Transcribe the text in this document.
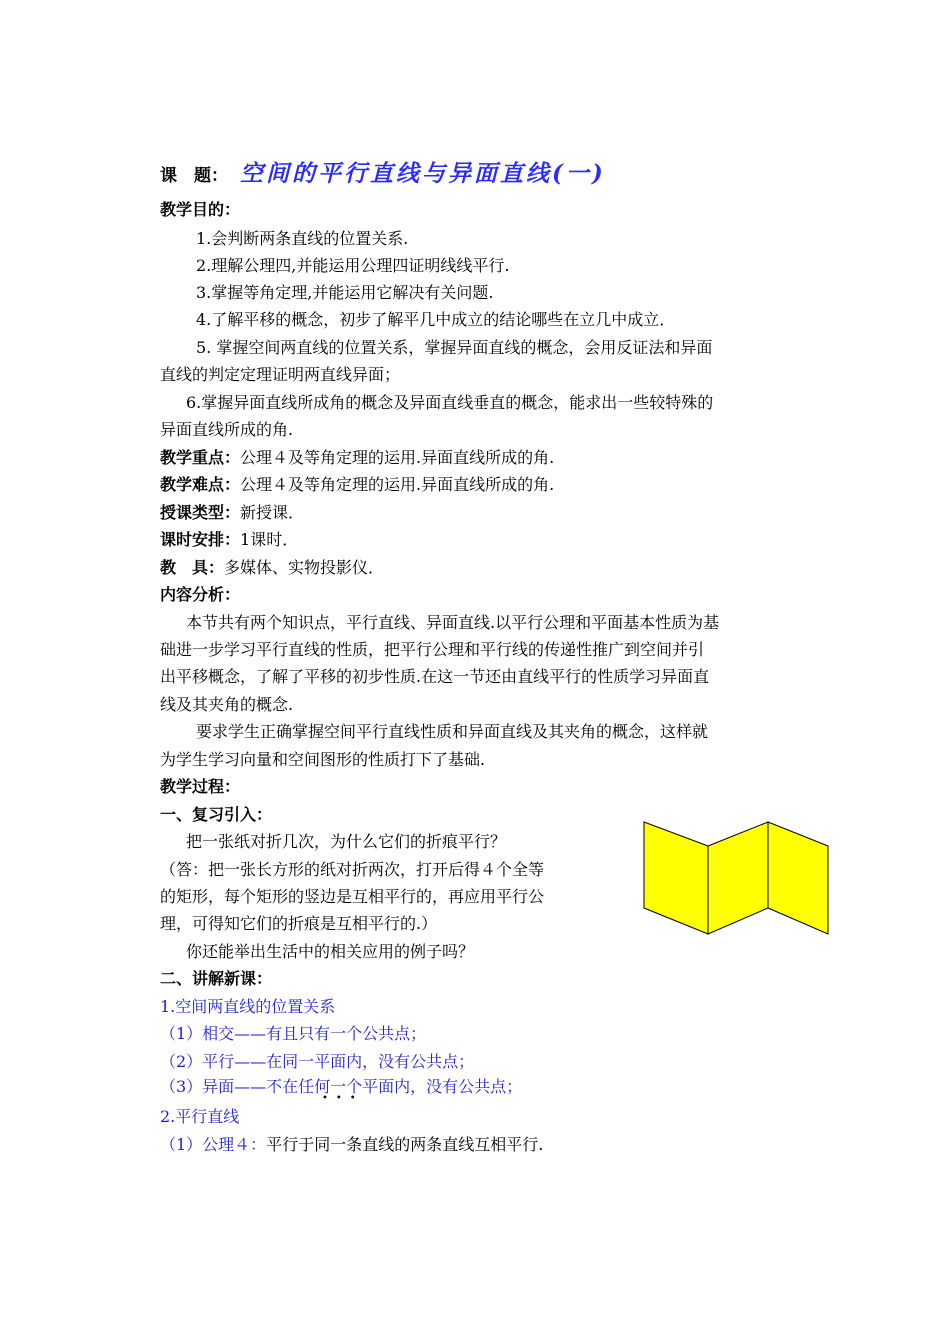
课　题： 空间的平行直线与异面直线(一)
教学目的：
1.会判断两条直线的位置关系.
2.理解公理四,并能运用公理四证明线线平行.
3.掌握等角定理,并能运用它解决有关问题.
4.了解平移的概念，初步了解平几中成立的结论哪些在立几中成立．
5. 掌握空间两直线的位置关系，掌握异面直线的概念，会用反证法和异面
直线的判定定理证明两直线异面；
6.掌握异面直线所成角的概念及异面直线垂直的概念，能求出一些较特殊的
异面直线所成的角.
教学重点：公理４及等角定理的运用.异面直线所成的角.
教学难点：公理４及等角定理的运用.异面直线所成的角.
授课类型：新授课．
课时安排：1课时．
教　具：多媒体、实物投影仪．
内容分析：
本节共有两个知识点，平行直线、异面直线.以平行公理和平面基本性质为基
础进一步学习平行直线的性质，把平行公理和平行线的传递性推广到空间并引
出平移概念，了解了平移的初步性质.在这一节还由直线平行的性质学习异面直
线及其夹角的概念.
要求学生正确掌握空间平行直线性质和异面直线及其夹角的概念，这样就
为学生学习向量和空间图形的性质打下了基础.
教学过程：
一、复习引入：
把一张纸对折几次，为什么它们的折痕平行？
（答：把一张长方形的纸对折两次，打开后得４个全等
的矩形，每个矩形的竖边是互相平行的，再应用平行公
理，可得知它们的折痕是互相平行的.）
你还能举出生活中的相关应用的例子吗？
二、讲解新课：
1.空间两直线的位置关系
（1）相交——有且只有一个公共点；
（2）平行——在同一平面内，没有公共点；
（3）异面——不在任何一个平面内，没有公共点；
•••
2.平行直线
（1）公理４：平行于同一条直线的两条直线互相平行.
